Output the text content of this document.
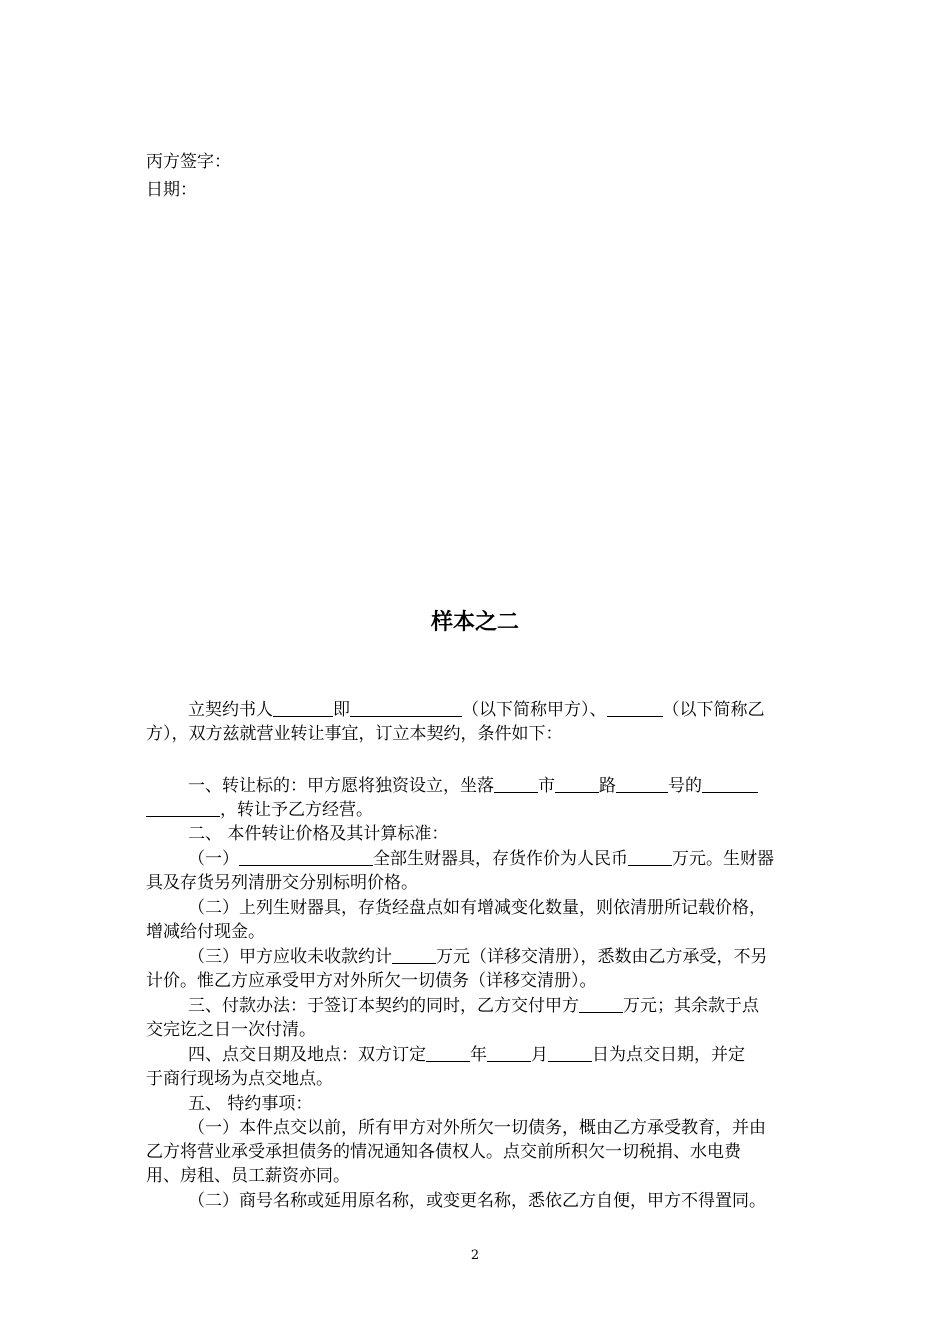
丙方签字：
日期：
样本之二
立契约书人	即	（以下简称甲方）、	（以下简称乙
方），双方兹就营业转让事宜，订立本契约，条件如下：
一、转让标的：甲方愿将独资设立，坐落	市	路	号的
，转让予乙方经营。
二、 本件转让价格及其计算标准：
（一）	全部生财器具，存货作价为人民币	万元。生财器
具及存货另列清册交分别标明价格。
（二）上列生财器具，存货经盘点如有增减变化数量，则依清册所记载价格，
增减给付现金。
（三）甲方应收未收款约计	万元（详移交清册），悉数由乙方承受，不另
计价。惟乙方应承受甲方对外所欠一切债务（详移交清册）。
三、付款办法：于签订本契约的同时，乙方交付甲方	万元；其余款于点
交完讫之日一次付清。
四、点交日期及地点：双方订定	年	月	日为点交日期，并定
于商行现场为点交地点。
五、 特约事项：
（一）本件点交以前，所有甲方对外所欠一切债务，概由乙方承受教育，并由
乙方将营业承受承担债务的情况通知各债权人。点交前所积欠一切税捐、水电费
用、房租、员工薪资亦同。
（二）商号名称或延用原名称，或变更名称，悉依乙方自便，甲方不得置同。
2
